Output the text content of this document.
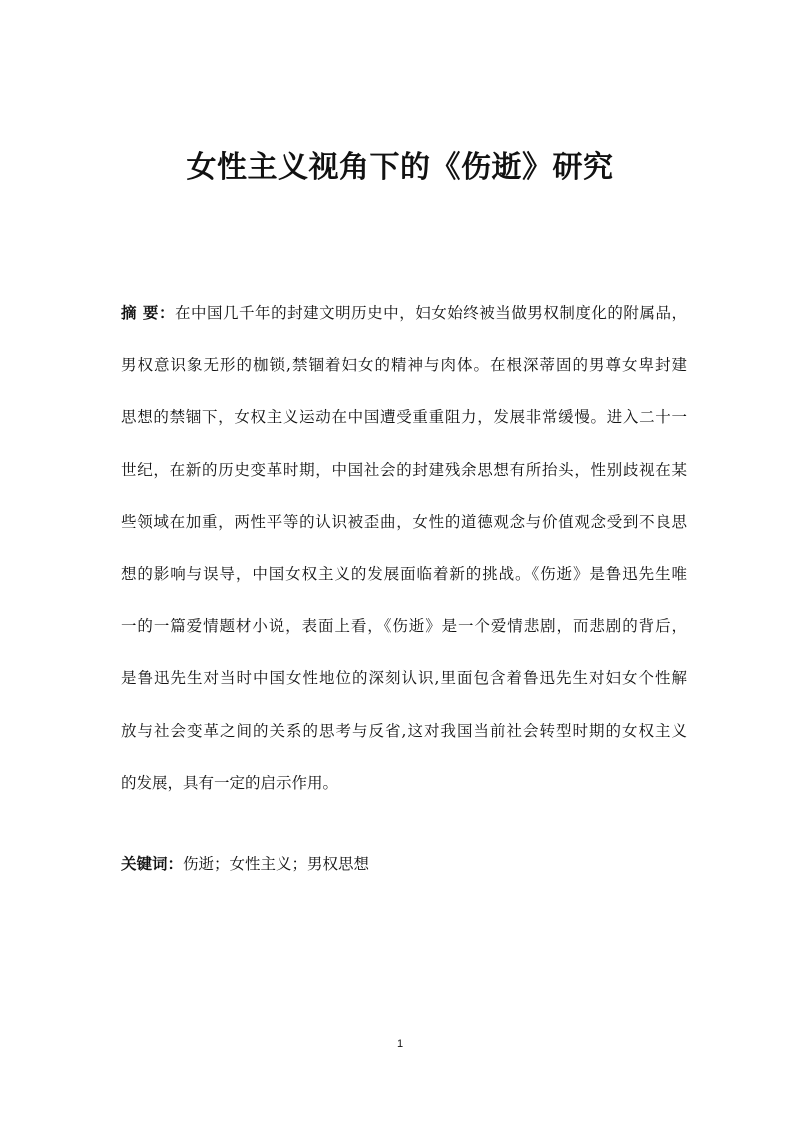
女性主义视角下的《伤逝》研究
摘 要：在中国几千年的封建文明历史中，妇女始终被当做男权制度化的附属品，
男权意识象无形的枷锁,禁锢着妇女的精神与肉体。在根深蒂固的男尊女卑封建
思想的禁锢下，女权主义运动在中国遭受重重阻力，发展非常缓慢。进入二十一
世纪，在新的历史变革时期，中国社会的封建残余思想有所抬头，性别歧视在某
些领域在加重，两性平等的认识被歪曲，女性的道德观念与价值观念受到不良思
想的影响与误导，中国女权主义的发展面临着新的挑战。《伤逝》是鲁迅先生唯
一的一篇爱情题材小说，表面上看，《伤逝》是一个爱情悲剧，而悲剧的背后，
是鲁迅先生对当时中国女性地位的深刻认识,里面包含着鲁迅先生对妇女个性解
放与社会变革之间的关系的思考与反省,这对我国当前社会转型时期的女权主义
的发展，具有一定的启示作用。
关键词：伤逝；女性主义；男权思想
1
